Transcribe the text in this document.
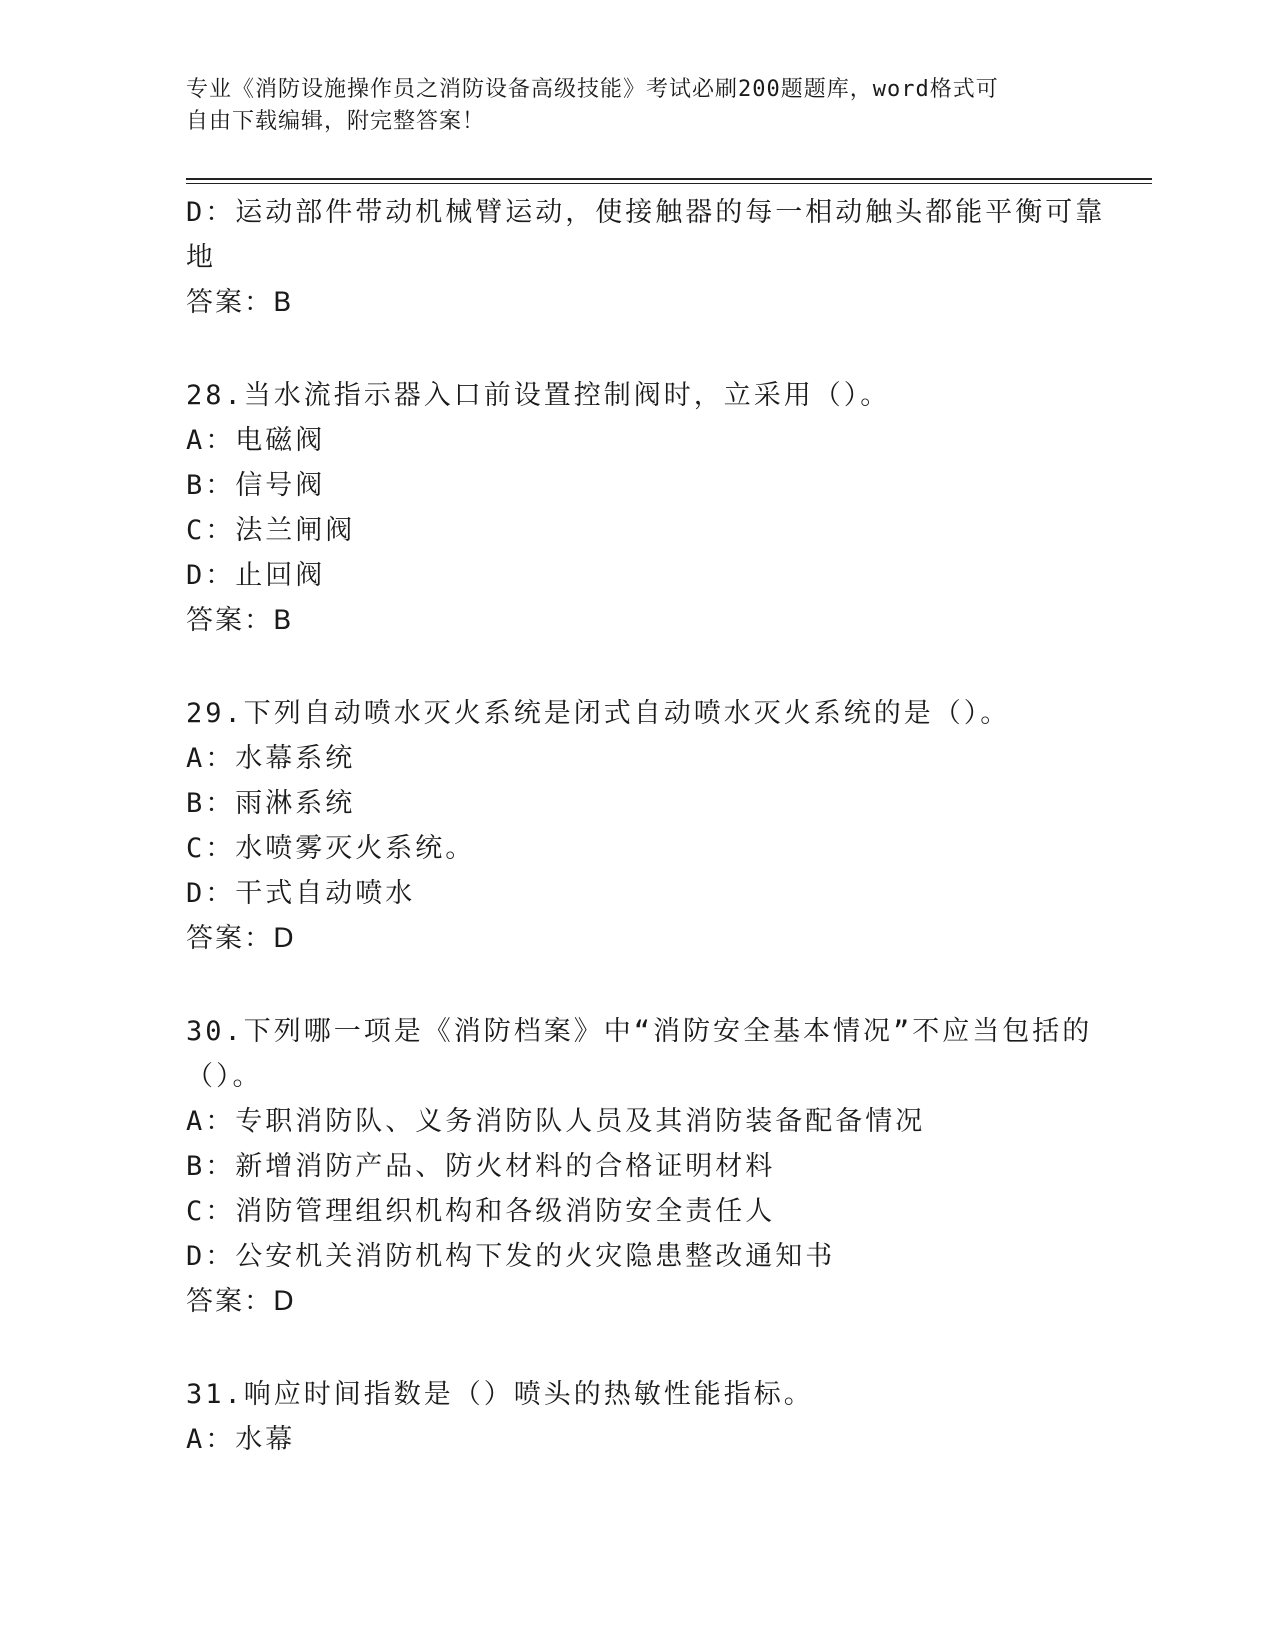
专业《消防设施操作员之消防设备高级技能》考试必刷200题题库，word格式可
自由下载编辑，附完整答案！
D：运动部件带动机械臂运动，使接触器的每一相动触头都能平衡可靠
地
答案：B
28.当水流指示器入口前设置控制阀时，立采用（）。
A：电磁阀
B：信号阀
C：法兰闸阀
D：止回阀
答案：B
29.下列自动喷水灭火系统是闭式自动喷水灭火系统的是（）。
A：水幕系统
B：雨淋系统
C：水喷雾灭火系统。
D：干式自动喷水
答案：D
30.下列哪一项是《消防档案》中“消防安全基本情况”不应当包括的
（）。
A：专职消防队、义务消防队人员及其消防装备配备情况
B：新增消防产品、防火材料的合格证明材料
C：消防管理组织机构和各级消防安全责任人
D：公安机关消防机构下发的火灾隐患整改通知书
答案：D
31.响应时间指数是（）喷头的热敏性能指标。
A：水幕
